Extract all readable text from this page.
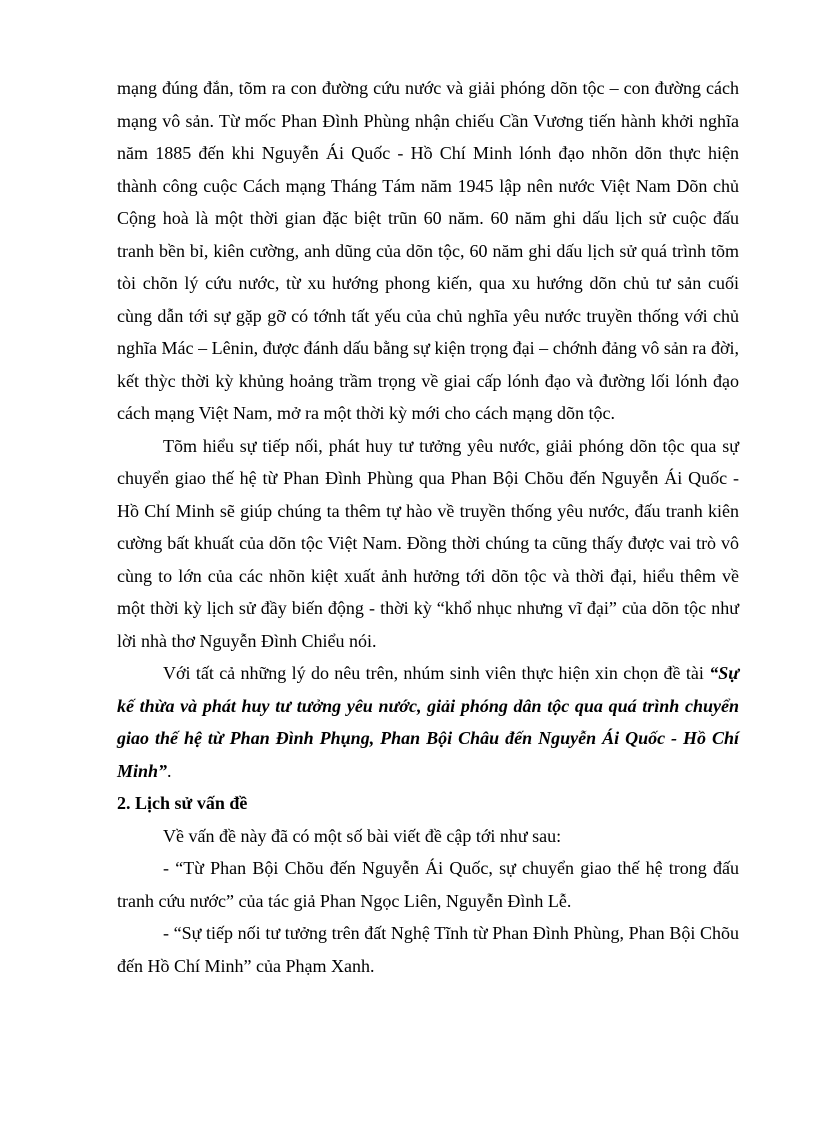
mạng đúng đắn, tõm ra con đường cứu nước và giải phóng dõn tộc – con đường cách mạng vô sản. Từ mốc Phan Đình Phùng nhận chiếu Cần Vương tiến hành khởi nghĩa năm 1885 đến khi Nguyễn Ái Quốc - Hồ Chí Minh lónh đạo nhõn dõn thực hiện thành công cuộc Cách mạng Tháng Tám năm 1945 lập nên nước Việt Nam Dõn chủ Cộng hoà là một thời gian đặc biệt trũn 60 năm. 60 năm ghi dấu lịch sử cuộc đấu tranh bền bỉ, kiên cường, anh dũng của dõn tộc, 60 năm ghi dấu lịch sử quá trình tõm tòi chõn lý cứu nước, từ xu hướng phong kiến, qua xu hướng dõn chủ tư sản cuối cùng dẫn tới sự gặp gỡ có tớnh tất yếu của chủ nghĩa yêu nước truyền thống với chủ nghĩa Mác – Lênin, được đánh dấu bằng sự kiện trọng đại – chớnh đảng vô sản ra đời, kết thỳc thời kỳ khủng hoảng trầm trọng về giai cấp lónh đạo và đường lối lónh đạo cách mạng Việt Nam, mở ra một thời kỳ mới cho cách mạng dõn tộc.

Tõm hiểu sự tiếp nối, phát huy tư tưởng yêu nước, giải phóng dõn tộc qua sự chuyển giao thế hệ từ Phan Đình Phùng qua Phan Bội Chõu đến Nguyễn Ái Quốc - Hồ Chí Minh sẽ giúp chúng ta thêm tự hào về truyền thống yêu nước, đấu tranh kiên cường bất khuất của dõn tộc Việt Nam. Đồng thời chúng ta cũng thấy được vai trò vô cùng to lớn của các nhõn kiệt xuất ảnh hưởng tới dõn tộc và thời đại, hiểu thêm về một thời kỳ lịch sử đầy biến động - thời kỳ “khổ nhục nhưng vĩ đại” của dõn tộc như lời nhà thơ Nguyễn Đình Chiểu nói.

Với tất cả những lý do nêu trên, nhúm sinh viên thực hiện xin chọn đề tài “Sự kế thừa và phát huy tư tưởng yêu nước, giải phóng dân tộc qua quá trình chuyển giao thế hệ từ Phan Đình Phụng, Phan Bội Châu đến Nguyễn Ái Quốc - Hồ Chí Minh”.

2. Lịch sử vấn đề

Về vấn đề này đã có một số bài viết đề cập tới như sau:

- “Từ Phan Bội Chõu đến Nguyễn Ái Quốc, sự chuyển giao thế hệ trong đấu tranh cứu nước” của tác giả Phan Ngọc Liên, Nguyễn Đình Lễ.

- “Sự tiếp nối tư tưởng trên đất Nghệ Tĩnh từ Phan Đình Phùng, Phan Bội Chõu đến Hồ Chí Minh” của Phạm Xanh.
